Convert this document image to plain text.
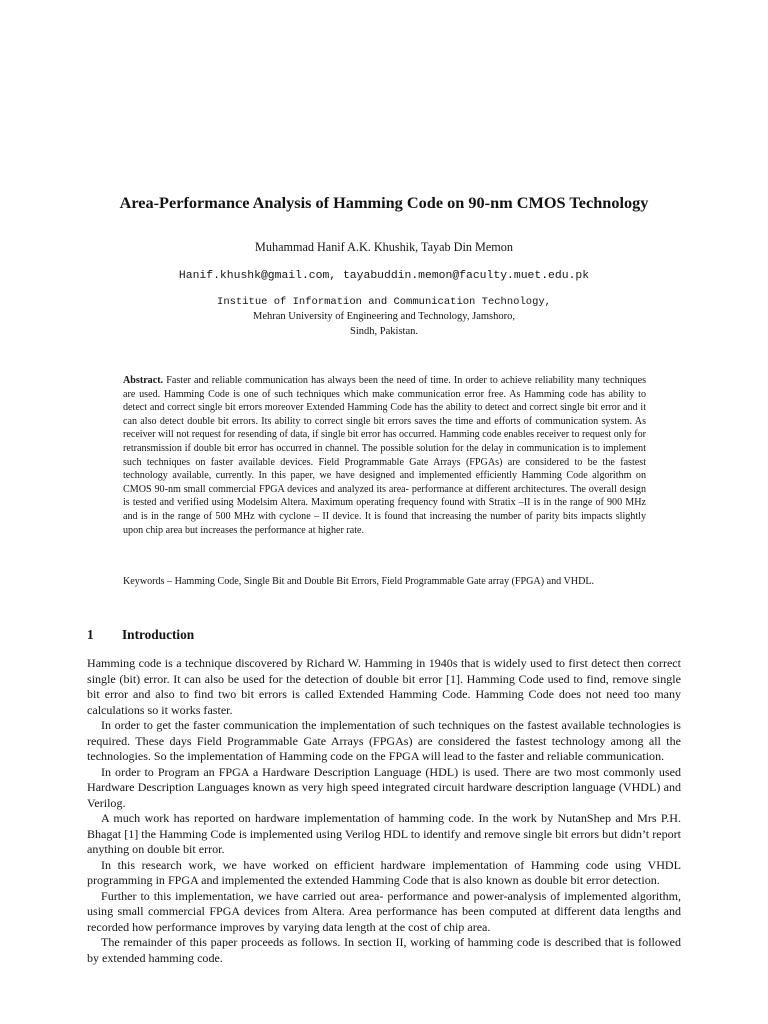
Area-Performance Analysis of Hamming Code on 90-nm CMOS Technology
Muhammad Hanif A.K. Khushik, Tayab Din Memon
Hanif.khushk@gmail.com, tayabuddin.memon@faculty.muet.edu.pk
Institue of Information and Communication Technology,
Mehran University of Engineering and Technology, Jamshoro,
Sindh, Pakistan.

Abstract. Faster and reliable communication has always been the need of time. In order to achieve reliability many techniques are used. Hamming Code is one of such techniques which make communication error free. As Hamming code has ability to detect and correct single bit errors moreover Extended Hamming Code has the ability to detect and correct single bit error and it can also detect double bit errors. Its ability to correct single bit errors saves the time and efforts of communication system. As receiver will not request for resending of data, if single bit error has occurred. Hamming code enables receiver to request only for retransmission if double bit error has occurred in channel. The possible solution for the delay in communication is to implement such techniques on faster available devices. Field Programmable Gate Arrays (FPGAs) are considered to be the fastest technology available, currently. In this paper, we have designed and implemented efficiently Hamming Code algorithm on CMOS 90-nm small commercial FPGA devices and analyzed its area- performance at different architectures. The overall design is tested and verified using Modelsim Altera. Maximum operating frequency found with Stratix –II is in the range of 900 MHz and is in the range of 500 MHz with cyclone – II device. It is found that increasing the number of parity bits impacts slightly upon chip area but increases the performance at higher rate.

Keywords – Hamming Code, Single Bit and Double Bit Errors, Field Programmable Gate array (FPGA) and VHDL.

1 Introduction

Hamming code is a technique discovered by Richard W. Hamming in 1940s that is widely used to first detect then correct single (bit) error. It can also be used for the detection of double bit error [1]. Hamming Code used to find, remove single bit error and also to find two bit errors is called Extended Hamming Code. Hamming Code does not need too many calculations so it works faster.

In order to get the faster communication the implementation of such techniques on the fastest available technologies is required. These days Field Programmable Gate Arrays (FPGAs) are considered the fastest technology among all the technologies. So the implementation of Hamming code on the FPGA will lead to the faster and reliable communication.

In order to Program an FPGA a Hardware Description Language (HDL) is used. There are two most commonly used Hardware Description Languages known as very high speed integrated circuit hardware description language (VHDL) and Verilog.

A much work has reported on hardware implementation of hamming code. In the work by NutanShep and Mrs P.H. Bhagat [1] the Hamming Code is implemented using Verilog HDL to identify and remove single bit errors but didn’t report anything on double bit error.

In this research work, we have worked on efficient hardware implementation of Hamming code using VHDL programming in FPGA and implemented the extended Hamming Code that is also known as double bit error detection.

Further to this implementation, we have carried out area- performance and power-analysis of implemented algorithm, using small commercial FPGA devices from Altera. Area performance has been computed at different data lengths and recorded how performance improves by varying data length at the cost of chip area.

The remainder of this paper proceeds as follows. In section II, working of hamming code is described that is followed by extended hamming code.
